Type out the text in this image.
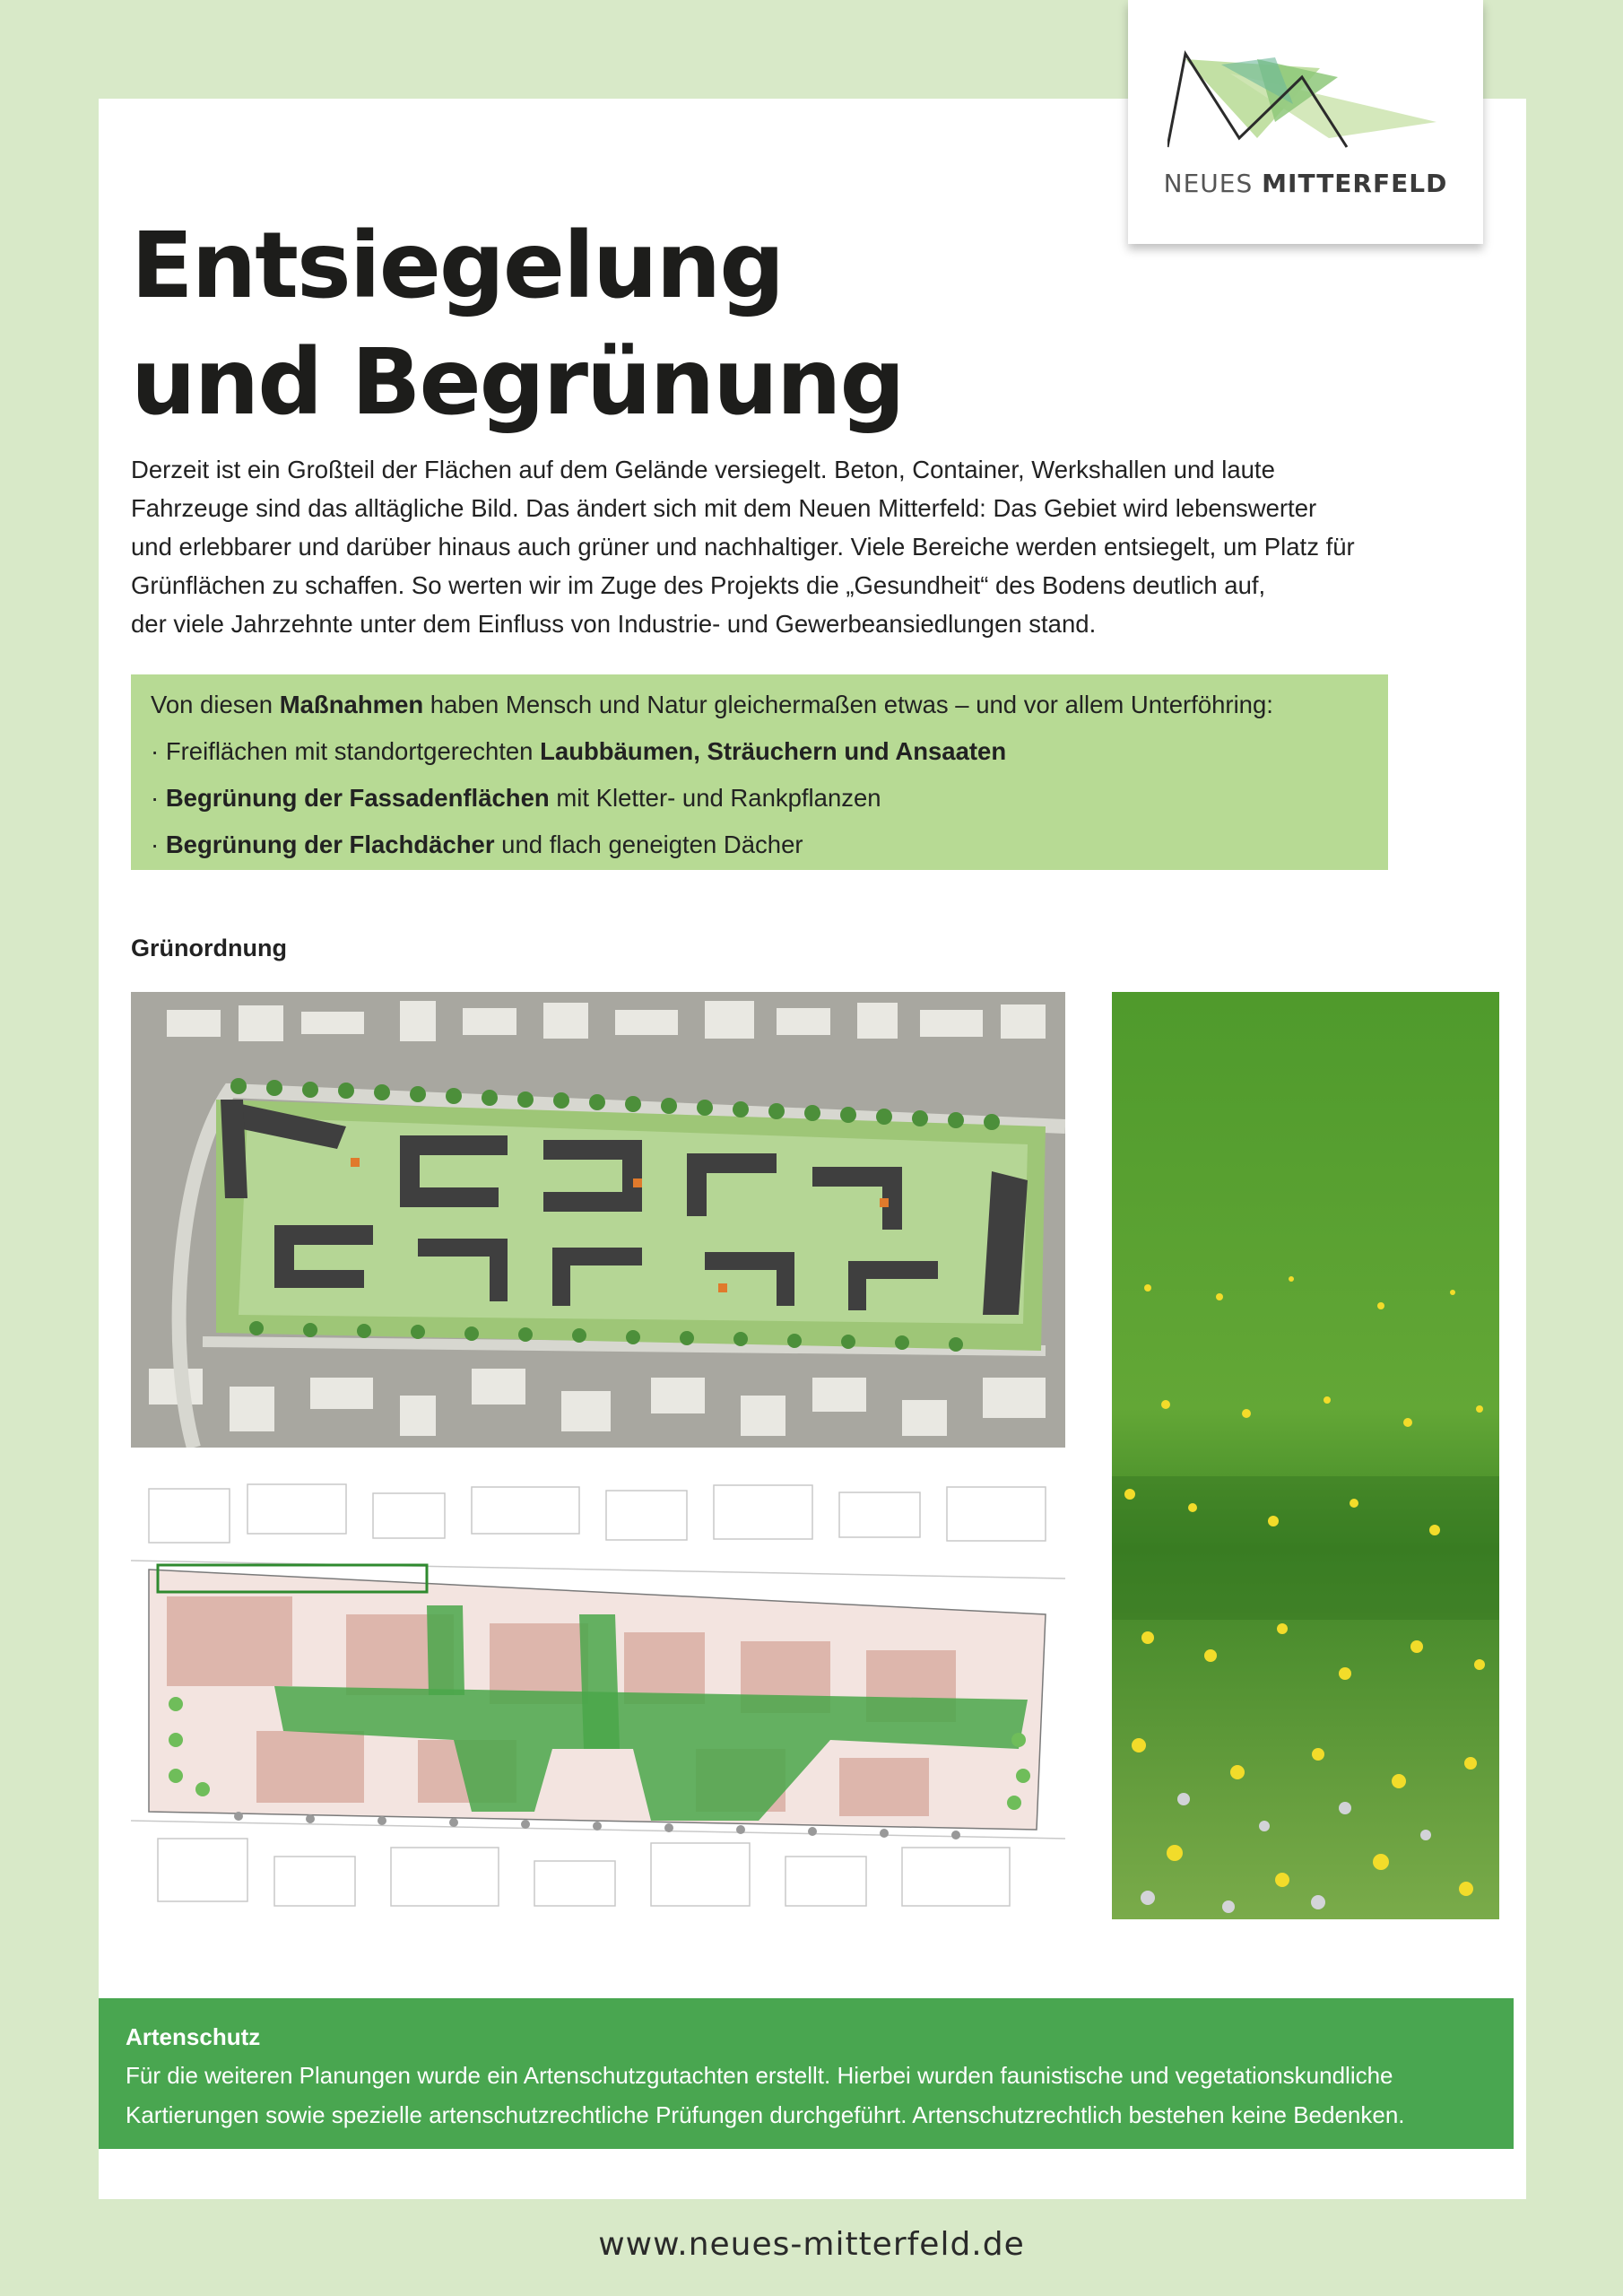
NEUES MITTERFELD
Entsiegelung
und Begrünung

Derzeit ist ein Großteil der Flächen auf dem Gelände versiegelt. Beton, Container, Werkshallen und laute
Fahrzeuge sind das alltägliche Bild. Das ändert sich mit dem Neuen Mitterfeld: Das Gebiet wird lebenswerter
und erlebbarer und darüber hinaus auch grüner und nachhaltiger. Viele Bereiche werden entsiegelt, um Platz für
Grünflächen zu schaffen. So werten wir im Zuge des Projekts die „Gesundheit“ des Bodens deutlich auf,
der viele Jahrzehnte unter dem Einfluss von Industrie- und Gewerbeansiedlungen stand.

Von diesen Maßnahmen haben Mensch und Natur gleichermaßen etwas – und vor allem Unterföhring:
· Freiflächen mit standortgerechten Laubbäumen, Sträuchern und Ansaaten
· Begrünung der Fassadenflächen mit Kletter- und Rankpflanzen
· Begrünung der Flachdächer und flach geneigten Dächer

Grünordnung

Artenschutz

Für die weiteren Planungen wurde ein Artenschutzgutachten erstellt. Hierbei wurden faunistische und vegetationskundliche
Kartierungen sowie spezielle artenschutzrechtliche Prüfungen durchgeführt. Artenschutzrechtlich bestehen keine Bedenken.

www.neues-mitterfeld.de
